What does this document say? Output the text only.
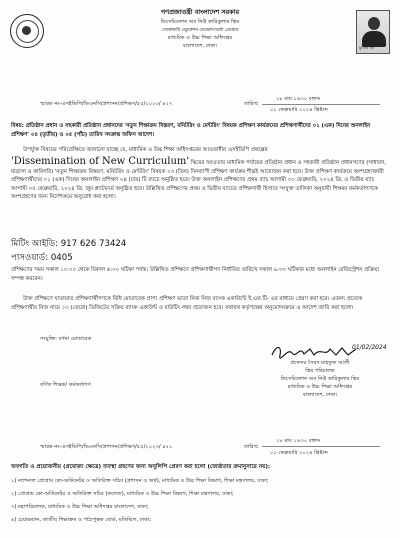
মুজিব বর্ষ
গণপ্রজাতন্ত্রী বাংলাদেশ সরকার
ডিসেমিনেশন অব নিউ কারিকুলাম স্কিম
সেকেন্ডারি এডুকেশন ডেভেলপমেন্ট প্রোগ্রাম
মাধ্যমিক ও উচ্চ শিক্ষা অধিদপ্তর
বাংলাদেশ, ঢাকা।
স্মারক নং-এসইডিপি/ডিএনসি/প্রশাসন/প্রশিক্ষণ/৫৫/২০২৩/ ৪২৭
১৮ মাঘ ১৪৩০ বঙ্গাব্দ
তারিখ:
০১ ফেব্রুয়ারি ২০২৪ খ্রিষ্টাব্দ
বিষয়: প্রতিষ্ঠান প্রধান ও সহকারী প্রতিষ্ঠান প্রধানদের 'নতুন শিক্ষাক্রম বিস্তরণ, মনিটরিং ও মেন্টরিং' বিষয়ক প্রশিক্ষণ কার্যক্রমের প্রশিক্ষণার্থীদের ০১ (এক) দিনের অনলাইন প্রশিক্ষণ' ০৪ (তৃতীয়) ও ০৫ (পাঁচ) তারিখ সংক্রান্ত অফিস আদেশ।
উপর্যুক্ত বিষয়ের পরিপ্রেক্ষিতে জানানো যাচ্ছে যে, মাধ্যমিক ও উচ্চ শিক্ষা অধিদপ্তরের আওতাধীন এসইডিপি প্রকল্পের
'Dissemination of New Curriculum' স্কিমের আওতায় মাধ্যমিক পর্যায়ের প্রতিষ্ঠান প্রধান ও সহকারী প্রতিষ্ঠান প্রধানগণের (সাধারণ, মাদ্রাসা ও কারিগরি) 'নতুন শিক্ষাক্রম বিস্তরণ, মনিটরিং ও মেন্টরিং' বিষয়ক ০৩ (তিন) দিনব্যাপী প্রশিক্ষণ কার্যক্রম শীঘ্রই আয়োজন করা হবে। উক্ত প্রশিক্ষণ কার্যক্রমে অংশগ্রহণকারী প্রশিক্ষণার্থীদের ০১ (এক) দিনের অনলাইন প্রশিক্ষণ ০৪ (চার) টি ব্যাচে অনুষ্ঠিত হবে। উক্ত অনলাইন প্রশিক্ষণের প্রথম ব্যাচ আগামী ০৩ ফেব্রুয়ারি, ২০২৪ খ্রি. ও দ্বিতীয় ব্যাচ আগামী ০৫ ফেব্রুয়ারি, ২০২৪ খ্রি. জুম প্ল্যাটফর্মে অনুষ্ঠিত হবে। উল্লিখিত প্রশিক্ষণের প্রথম ও দ্বিতীয় ব্যাচের প্রশিক্ষণার্থী হিসাবে সংযুক্ত তালিকা অনুযায়ী শিক্ষক/ কর্মকর্তাগণকে অংশগ্রহণের জন্য নির্দেশক্রমে অনুরোধ করা হলো।
মিটিং আইডি: 917 626 73424
পাসওয়ার্ড: 0405
প্রশিক্ষণের সময় সকাল ১০:০০ থেকে বিকাল ৪:০০ ঘটিকা পর্যন্ত। উল্লিখিত প্রশিক্ষণে প্রশিক্ষণার্থীগণ নির্ধারিত তারিখে সকাল ৯:৩০ ঘটিকার মধ্যে অনলাইন রেজিস্ট্রেশন প্রক্রিয়া সম্পন্ন করবেন।
উক্ত প্রশিক্ষণে যাতায়াত প্রশিক্ষণার্থীগণকে বিধি মোতাবেক প্রাপ্য প্রশিক্ষণ ভাতা নিজ নিজ ব্যাংক একাউন্টে ই.এফ.টি- এর মাধ্যমে প্রেরণ করা হবে। এজন্য প্রত্যেক প্রশিক্ষণার্থীর নিজ নামে ১৩ (তেরো) ডিজিটের সক্রিয় ব্যাংক একাউন্ট ও রাউটিং নম্বর প্রয়োজন হবে। যথাযথ কর্তৃপক্ষের অনুমোদনক্রমে এ আদেশ জারি করা হলো।
সংযুক্তি: বর্ণনা মোতাবেক
01/02/2024
প্রফেসর সৈয়দ মাহফুজ আলী
স্কিম পরিচালক
ডিসেমিনেশন অব নিউ কারিকুলাম স্কিম
মাধ্যমিক ও উচ্চ শিক্ষা অধিদপ্তর
বাংলাদেশ, ঢাকা।
বর্ণিত শিক্ষক/ কর্মকর্তাগণ
স্মারক নং-এসইডিপি/ডিএনসি/প্রশাসন/প্রশিক্ষণ/৫৫/২০২৩/ ৪২১
১৮ মাঘ ১৪৩০ বঙ্গাব্দ
তারিখ:
০১ ফেব্রুয়ারি ২০২৪ খ্রিষ্টাব্দ
অবগতি ও প্রয়োজনীয় (প্রযোজ্য ক্ষেত্রে) ব্যবস্থা গ্রহণের জন্য অনুলিপি প্রেরণ করা হলো (জ্যেষ্ঠতার ক্রমানুসারে নয়):
১) ন্যাশনাল প্রোগ্রাম কো-অর্ডিনেটর ও অতিরিক্ত সচিব (প্রশাসন ও অর্থ), মাধ্যমিক ও উচ্চ শিক্ষা বিভাগ, শিক্ষা মন্ত্রণালয়, ঢাকা;
২) প্রোগ্রাম কো-অর্ডিনেটর ও অতিরিক্ত সচিব (কলেজ), মাধ্যমিক ও উচ্চ শিক্ষা বিভাগ, শিক্ষা মন্ত্রণালয়, ঢাকা;
৩) মহাপরিচালক, মাধ্যমিক ও উচ্চ শিক্ষা অধিদপ্তর বাংলাদেশ, ঢাকা;
৪) চেয়ারম্যান, জাতীয় শিক্ষাক্রম ও পাঠ্যপুস্তক বোর্ড, মতিঝিল, ঢাকা;
